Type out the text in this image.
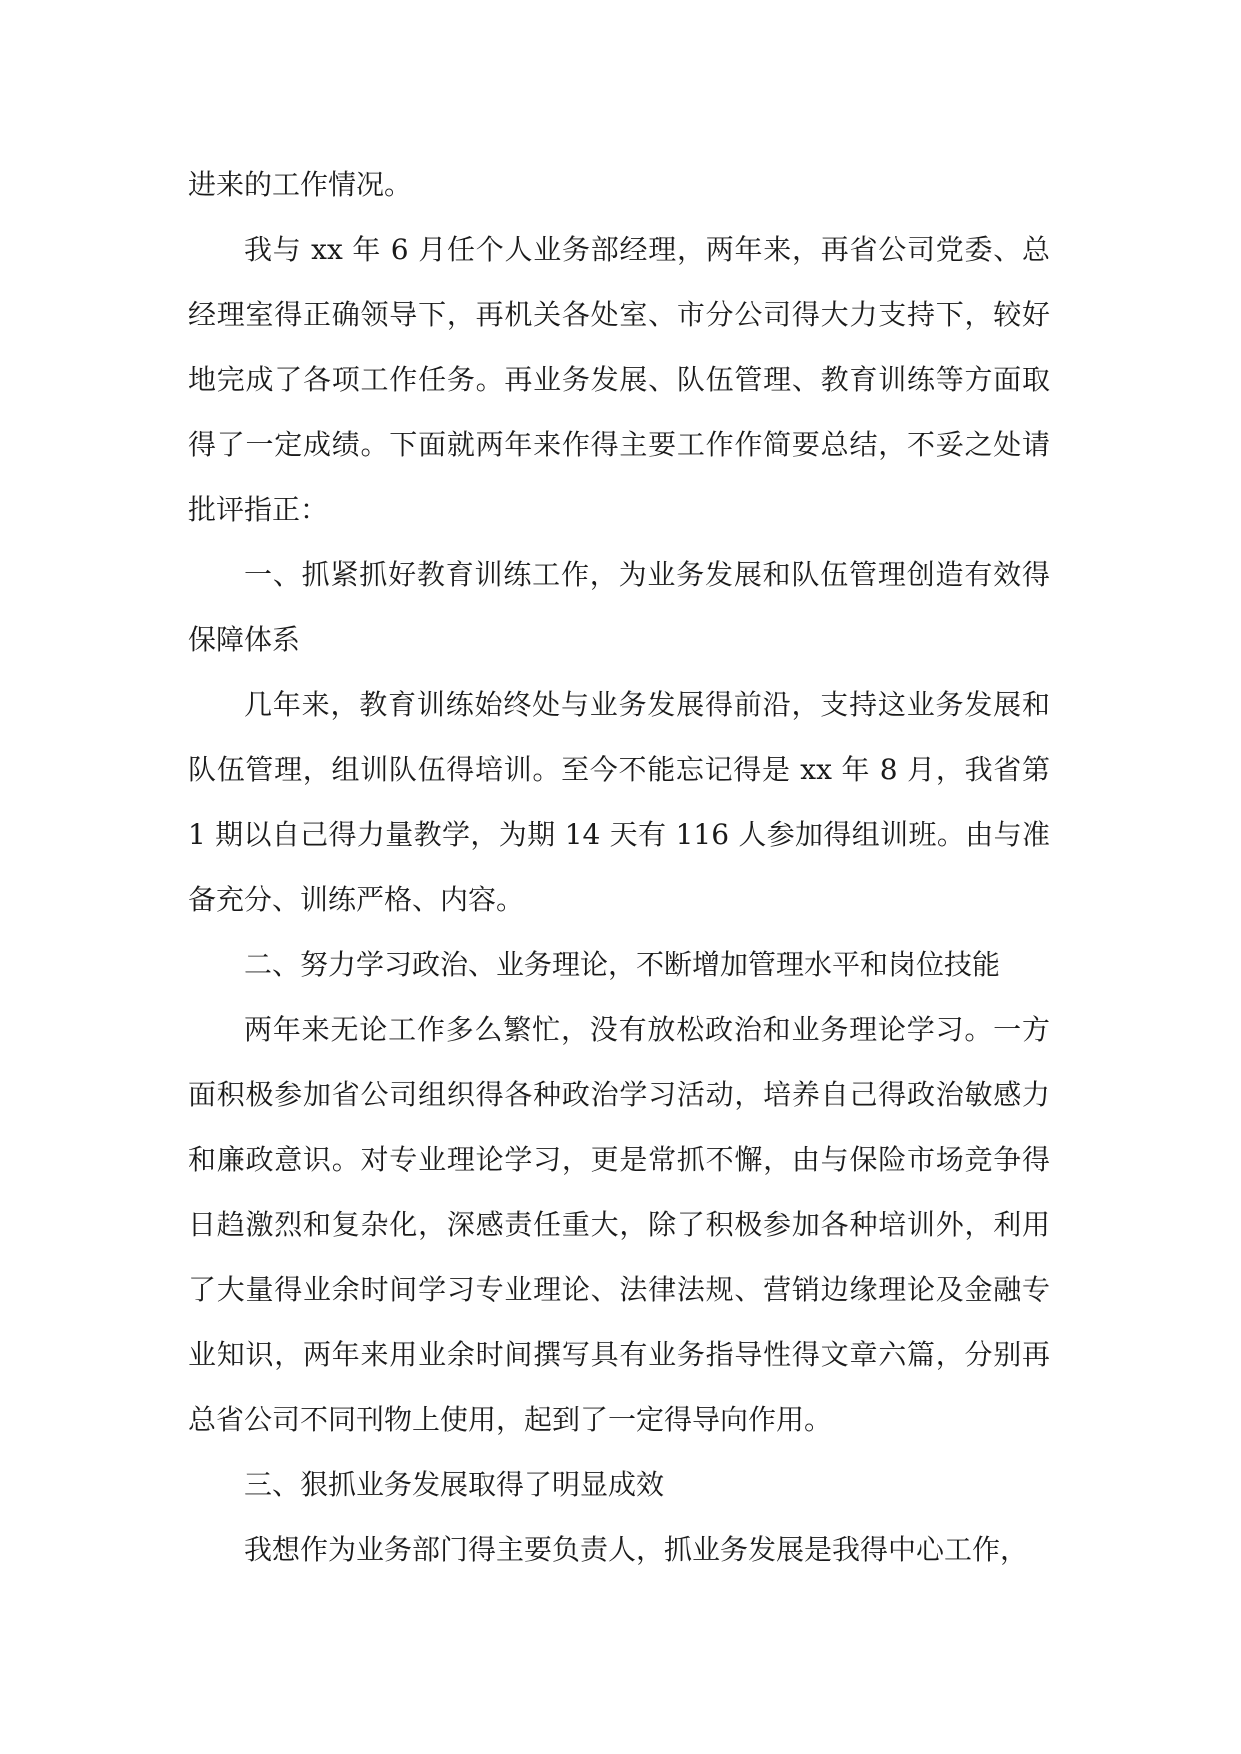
进来的工作情况。

我与 xx 年 6 月任个人业务部经理，两年来，再省公司党委、总经理室得正确领导下，再机关各处室、市分公司得大力支持下，较好地完成了各项工作任务。再业务发展、队伍管理、教育训练等方面取得了一定成绩。下面就两年来作得主要工作作简要总结，不妥之处请批评指正：

一、抓紧抓好教育训练工作，为业务发展和队伍管理创造有效得保障体系

几年来，教育训练始终处与业务发展得前沿，支持这业务发展和队伍管理，组训队伍得培训。至今不能忘记得是 xx 年 8 月，我省第 1 期以自己得力量教学，为期 14 天有 116 人参加得组训班。由与准备充分、训练严格、内容。

二、努力学习政治、业务理论，不断增加管理水平和岗位技能

两年来无论工作多么繁忙，没有放松政治和业务理论学习。一方面积极参加省公司组织得各种政治学习活动，培养自己得政治敏感力和廉政意识。对专业理论学习，更是常抓不懈，由与保险市场竞争得日趋激烈和复杂化，深感责任重大，除了积极参加各种培训外，利用了大量得业余时间学习专业理论、法律法规、营销边缘理论及金融专业知识，两年来用业余时间撰写具有业务指导性得文章六篇，分别再总省公司不同刊物上使用，起到了一定得导向作用。

三、狠抓业务发展取得了明显成效

我想作为业务部门得主要负责人，抓业务发展是我得中心工作，
